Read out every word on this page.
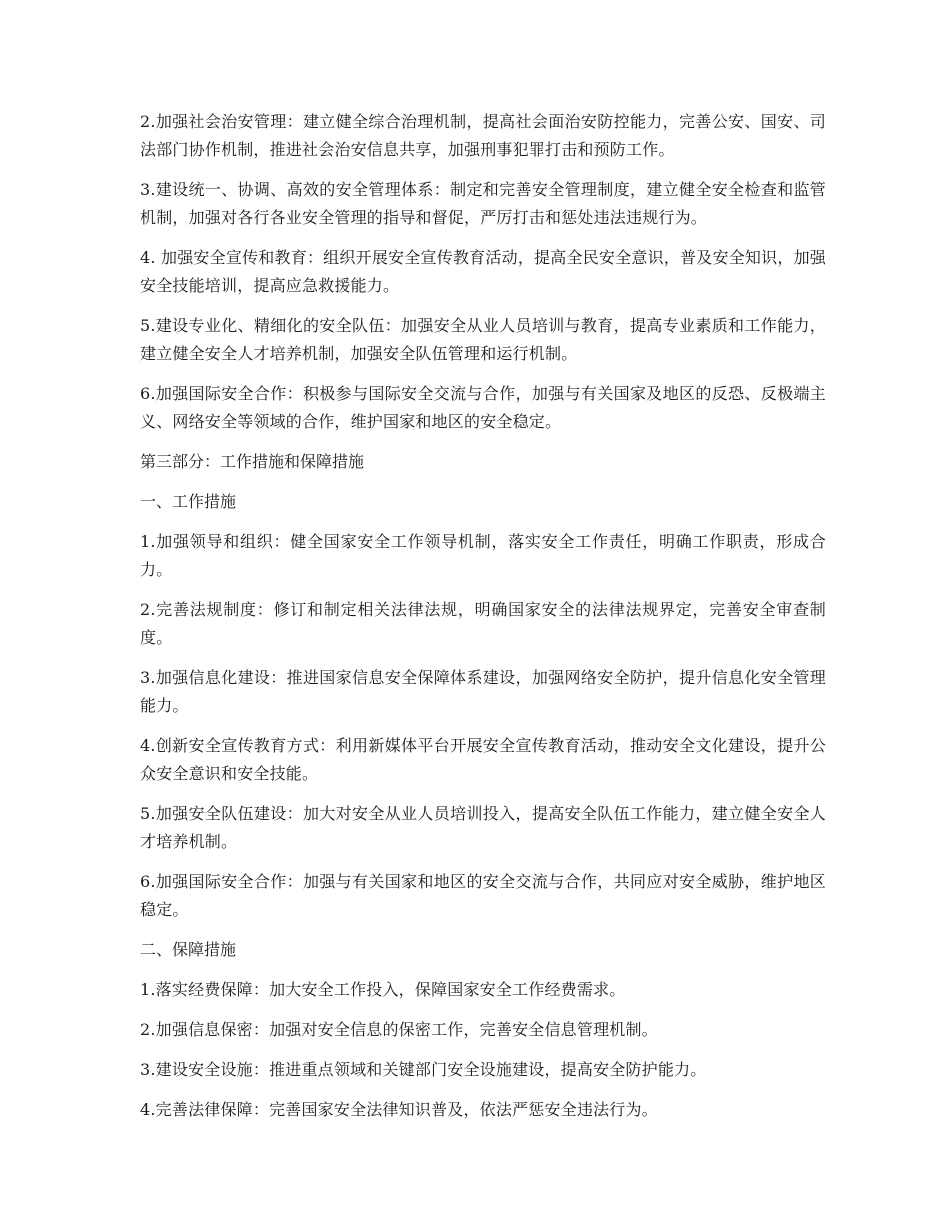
2.加强社会治安管理：建立健全综合治理机制，提高社会面治安防控能力，完善公安、国安、司法部门协作机制，推进社会治安信息共享，加强刑事犯罪打击和预防工作。

3.建设统一、协调、高效的安全管理体系：制定和完善安全管理制度，建立健全安全检查和监管机制，加强对各行各业安全管理的指导和督促，严厉打击和惩处违法违规行为。

4. 加强安全宣传和教育：组织开展安全宣传教育活动，提高全民安全意识，普及安全知识，加强安全技能培训，提高应急救援能力。

5.建设专业化、精细化的安全队伍：加强安全从业人员培训与教育，提高专业素质和工作能力，建立健全安全人才培养机制，加强安全队伍管理和运行机制。

6.加强国际安全合作：积极参与国际安全交流与合作，加强与有关国家及地区的反恐、反极端主义、网络安全等领域的合作，维护国家和地区的安全稳定。

第三部分：工作措施和保障措施

一、工作措施

1.加强领导和组织：健全国家安全工作领导机制，落实安全工作责任，明确工作职责，形成合力。

2.完善法规制度：修订和制定相关法律法规，明确国家安全的法律法规界定，完善安全审查制度。

3.加强信息化建设：推进国家信息安全保障体系建设，加强网络安全防护，提升信息化安全管理能力。

4.创新安全宣传教育方式：利用新媒体平台开展安全宣传教育活动，推动安全文化建设，提升公众安全意识和安全技能。

5.加强安全队伍建设：加大对安全从业人员培训投入，提高安全队伍工作能力，建立健全安全人才培养机制。

6.加强国际安全合作：加强与有关国家和地区的安全交流与合作，共同应对安全威胁，维护地区稳定。

二、保障措施

1.落实经费保障：加大安全工作投入，保障国家安全工作经费需求。

2.加强信息保密：加强对安全信息的保密工作，完善安全信息管理机制。

3.建设安全设施：推进重点领域和关键部门安全设施建设，提高安全防护能力。

4.完善法律保障：完善国家安全法律知识普及，依法严惩安全违法行为。
